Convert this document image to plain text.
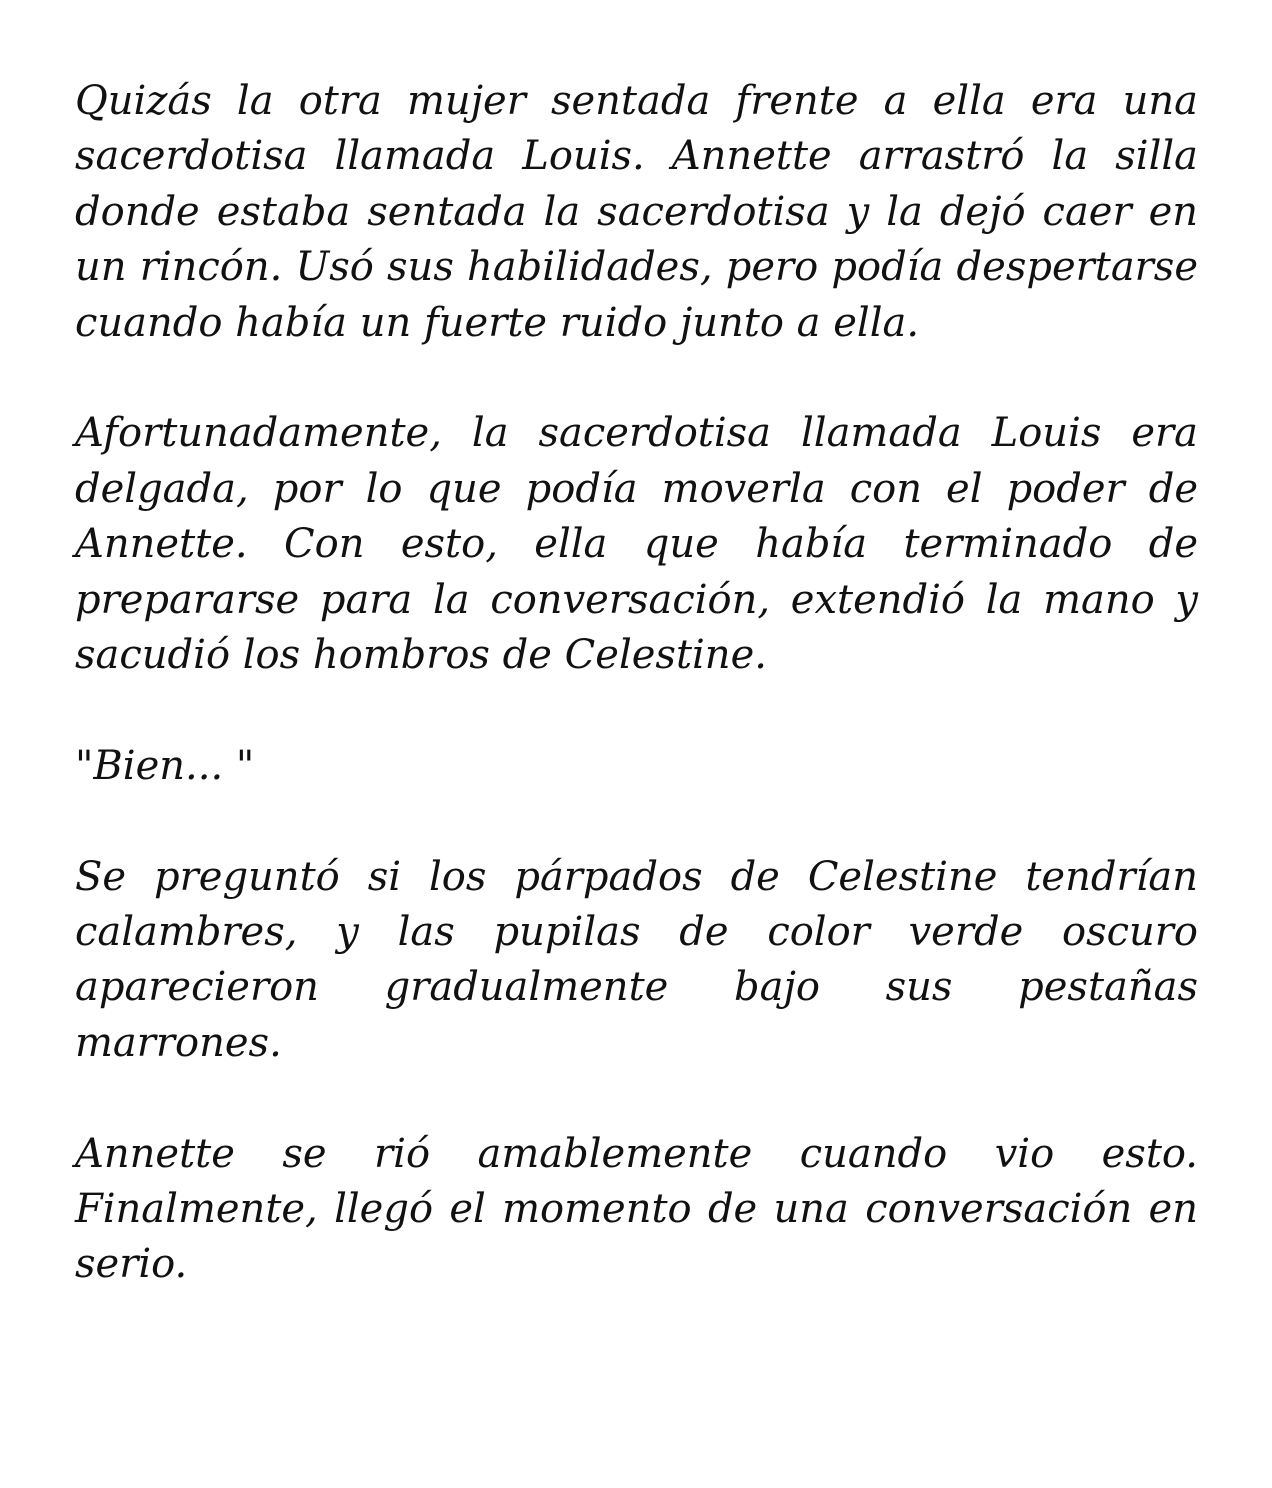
Quizás la otra mujer sentada frente a ella era una sacerdotisa llamada Louis. Annette arrastró la silla donde estaba sentada la sacerdotisa y la dejó caer en un rincón. Usó sus habilidades, pero podía despertarse cuando había un fuerte ruido junto a ella.

Afortunadamente, la sacerdotisa llamada Louis era delgada, por lo que podía moverla con el poder de Annette. Con esto, ella que había terminado de prepararse para la conversación, extendió la mano y sacudió los hombros de Celestine.

"Bien... "

Se preguntó si los párpados de Celestine tendrían calambres, y las pupilas de color verde oscuro aparecieron gradualmente bajo sus pestañas marrones.

Annette se rió amablemente cuando vio esto. Finalmente, llegó el momento de una conversación en serio.
